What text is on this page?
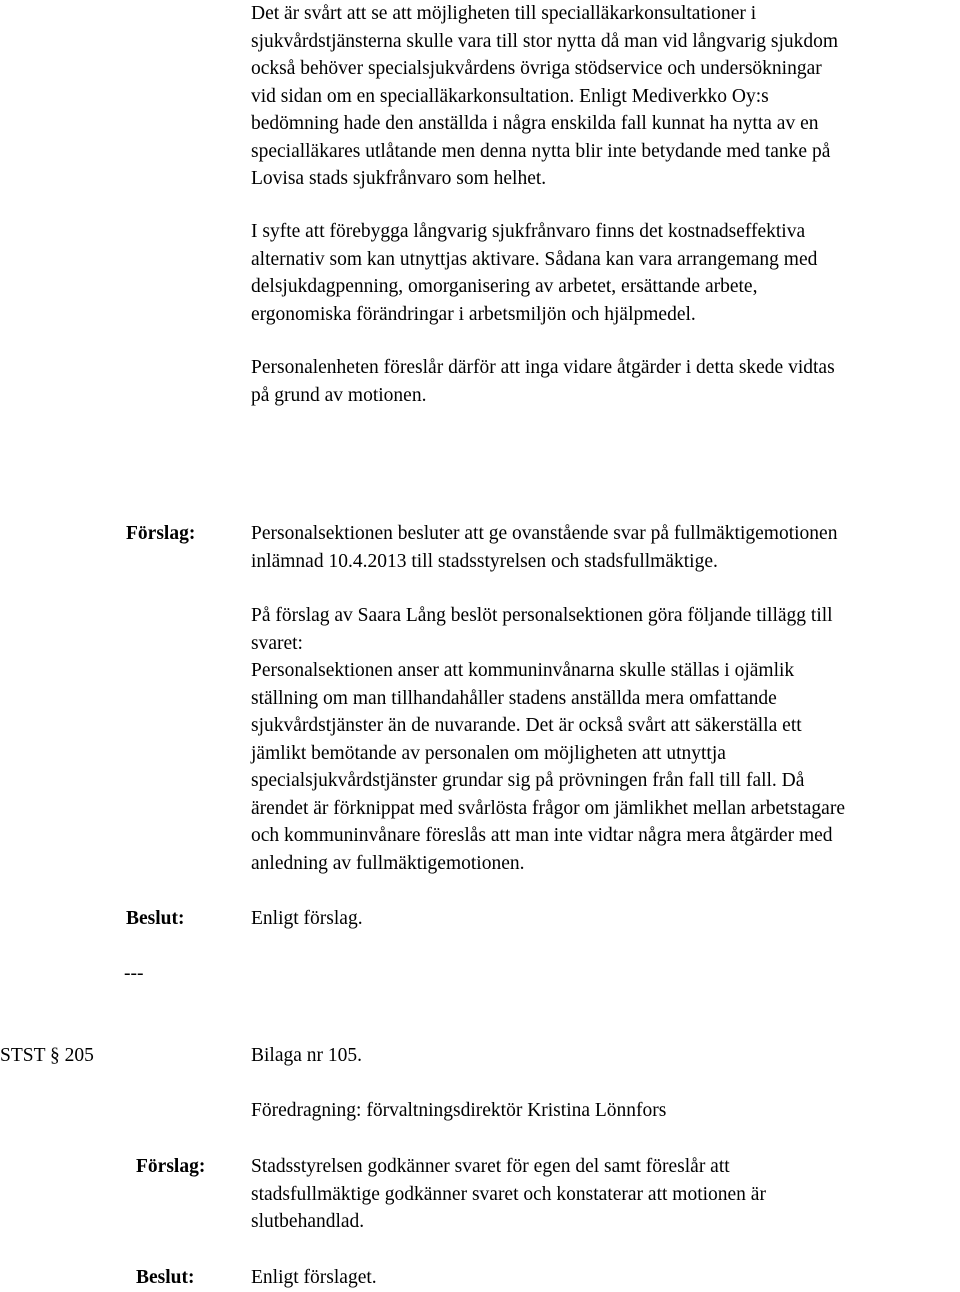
Det är svårt att se att möjligheten till specialläkarkonsultationer i
sjukvårdstjänsterna skulle vara till stor nytta då man vid långvarig sjukdom
också behöver specialsjukvårdens övriga stödservice och undersökningar
vid sidan om en specialläkarkonsultation. Enligt Mediverkko Oy:s
bedömning hade den anställda i några enskilda fall kunnat ha nytta av en
specialläkares utlåtande men denna nytta blir inte betydande med tanke på
Lovisa stads sjukfrånvaro som helhet.
I syfte att förebygga långvarig sjukfrånvaro finns det kostnadseffektiva
alternativ som kan utnyttjas aktivare. Sådana kan vara arrangemang med
delsjukdagpenning, omorganisering av arbetet, ersättande arbete,
ergonomiska förändringar i arbetsmiljön och hjälpmedel.
Personalenheten föreslår därför att inga vidare åtgärder i detta skede vidtas
på grund av motionen.
Förslag:	Personalsektionen besluter att ge ovanstående svar på fullmäktigemotionen
inlämnad 10.4.2013 till stadsstyrelsen och stadsfullmäktige.
På förslag av Saara Lång beslöt personalsektionen göra följande tillägg till
svaret:
Personalsektionen anser att kommuninvånarna skulle ställas i ojämlik
ställning om man tillhandahåller stadens anställda mera omfattande
sjukvårdstjänster än de nuvarande. Det är också svårt att säkerställa ett
jämlikt bemötande av personalen om möjligheten att utnyttja
specialsjukvårdstjänster grundar sig på prövningen från fall till fall. Då
ärendet är förknippat med svårlösta frågor om jämlikhet mellan arbetstagare
och kommuninvånare föreslås att man inte vidtar några mera åtgärder med
anledning av fullmäktigemotionen.
Beslut:	Enligt förslag.
---
STST § 205	Bilaga nr 105.
Föredragning: förvaltningsdirektör Kristina Lönnfors
Förslag: Stadsstyrelsen godkänner svaret för egen del samt föreslår att
stadsfullmäktige godkänner svaret och konstaterar att motionen är
slutbehandlad.
Beslut:	Enligt förslaget.
